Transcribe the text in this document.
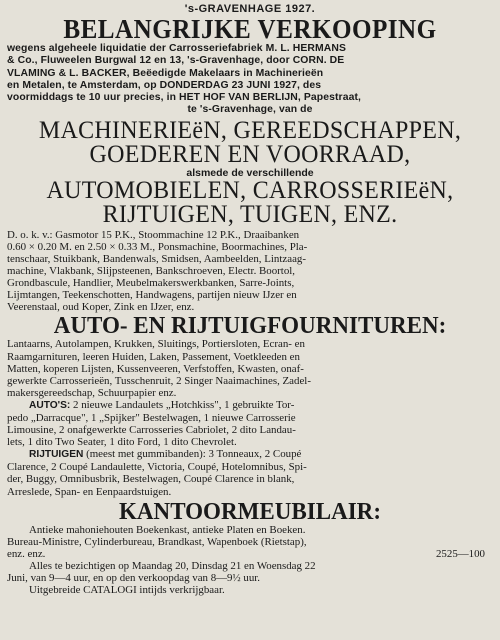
's-GRAVENHAGE 1927.
BELANGRIJKE VERKOOPING
wegens algeheele liquidatie der Carrosseriefabriek M. L. HERMANS
& Co., Fluweelen Burgwal 12 en 13, 's-Gravenhage, door CORN. DE
VLAMING & L. BACKER, Beëedigde Makelaars in Machinerieën
en Metalen, te Amsterdam, op DONDERDAG 23 JUNI 1927, des
voormiddags te 10 uur precies, in HET HOF VAN BERLIJN, Papestraat,

te 's-Gravenhage, van de
MACHINERIEëN, GEREEDSCHAPPEN,
GOEDEREN EN VOORRAAD,
alsmede de verschillende
AUTOMOBIELEN, CARROSSERIEëN,
RIJTUIGEN, TUIGEN, ENZ.
D. o. k. v.: Gasmotor 15 P.K., Stoommachine 12 P.K., Draaibanken
0.60 × 0.20 M. en 2.50 × 0.33 M., Ponsmachine, Boormachines, Pla-
tenschaar, Stuikbank, Bandenwals, Smidsen, Aambeelden, Lintzaag-
machine, Vlakbank, Slijpsteenen, Bankschroeven, Electr. Boortol,
Grondbascule, Handlier, Meubelmakerswerkbanken, Sarre-Joints,
Lijmtangen, Teekenschotten, Handwagens, partijen nieuw IJzer en
Veerenstaal, oud Koper, Zink en IJzer, enz.
AUTO- EN RIJTUIGFOURNITUREN:
Lantaarns, Autolampen, Krukken, Sluitings, Portiersloten, Ecran- en
Raamgarnituren, leeren Huiden, Laken, Passement, Voetkleeden en
Matten, koperen Lijsten, Kussenveeren, Verfstoffen, Kwasten, onaf-
gewerkte Carrosserieën, Tusschenruit, 2 Singer Naaimachines, Zadel-
makersgereedschap, Schuurpapier enz.
AUTO'S: 2 nieuwe Landaulets „Hotchkiss", 1 gebruikte Tor-
pedo „Darracque", 1 „Spijker" Bestelwagen, 1 nieuwe Carrosserie
Limousine, 2 onafgewerkte Carrosseries Cabriolet, 2 dito Landau-
lets, 1 dito Two Seater, 1 dito Ford, 1 dito Chevrolet.
RIJTUIGEN (meest met gummibanden): 3 Tonneaux, 2 Coupé
Clarence, 2 Coupé Landaulette, Victoria, Coupé, Hotelomnibus, Spi-
der, Buggy, Omnibusbrik, Bestelwagen, Coupé Clarence in blank,
Arreslede, Span- en Eenpaardstuigen.
KANTOORMEUBILAIR:
Antieke mahoniehouten Boekenkast, antieke Platen en Boeken.
Bureau-Ministre, Cylinderbureau, Brandkast, Wapenboek (Rietstap),
enz. enz.	2525—100
Alles te bezichtigen op Maandag 20, Dinsdag 21 en Woensdag 22
Juni, van 9—4 uur, en op den verkoopdag van 8—9½ uur.
Uitgebreide CATALOGI intijds verkrijgbaar.
